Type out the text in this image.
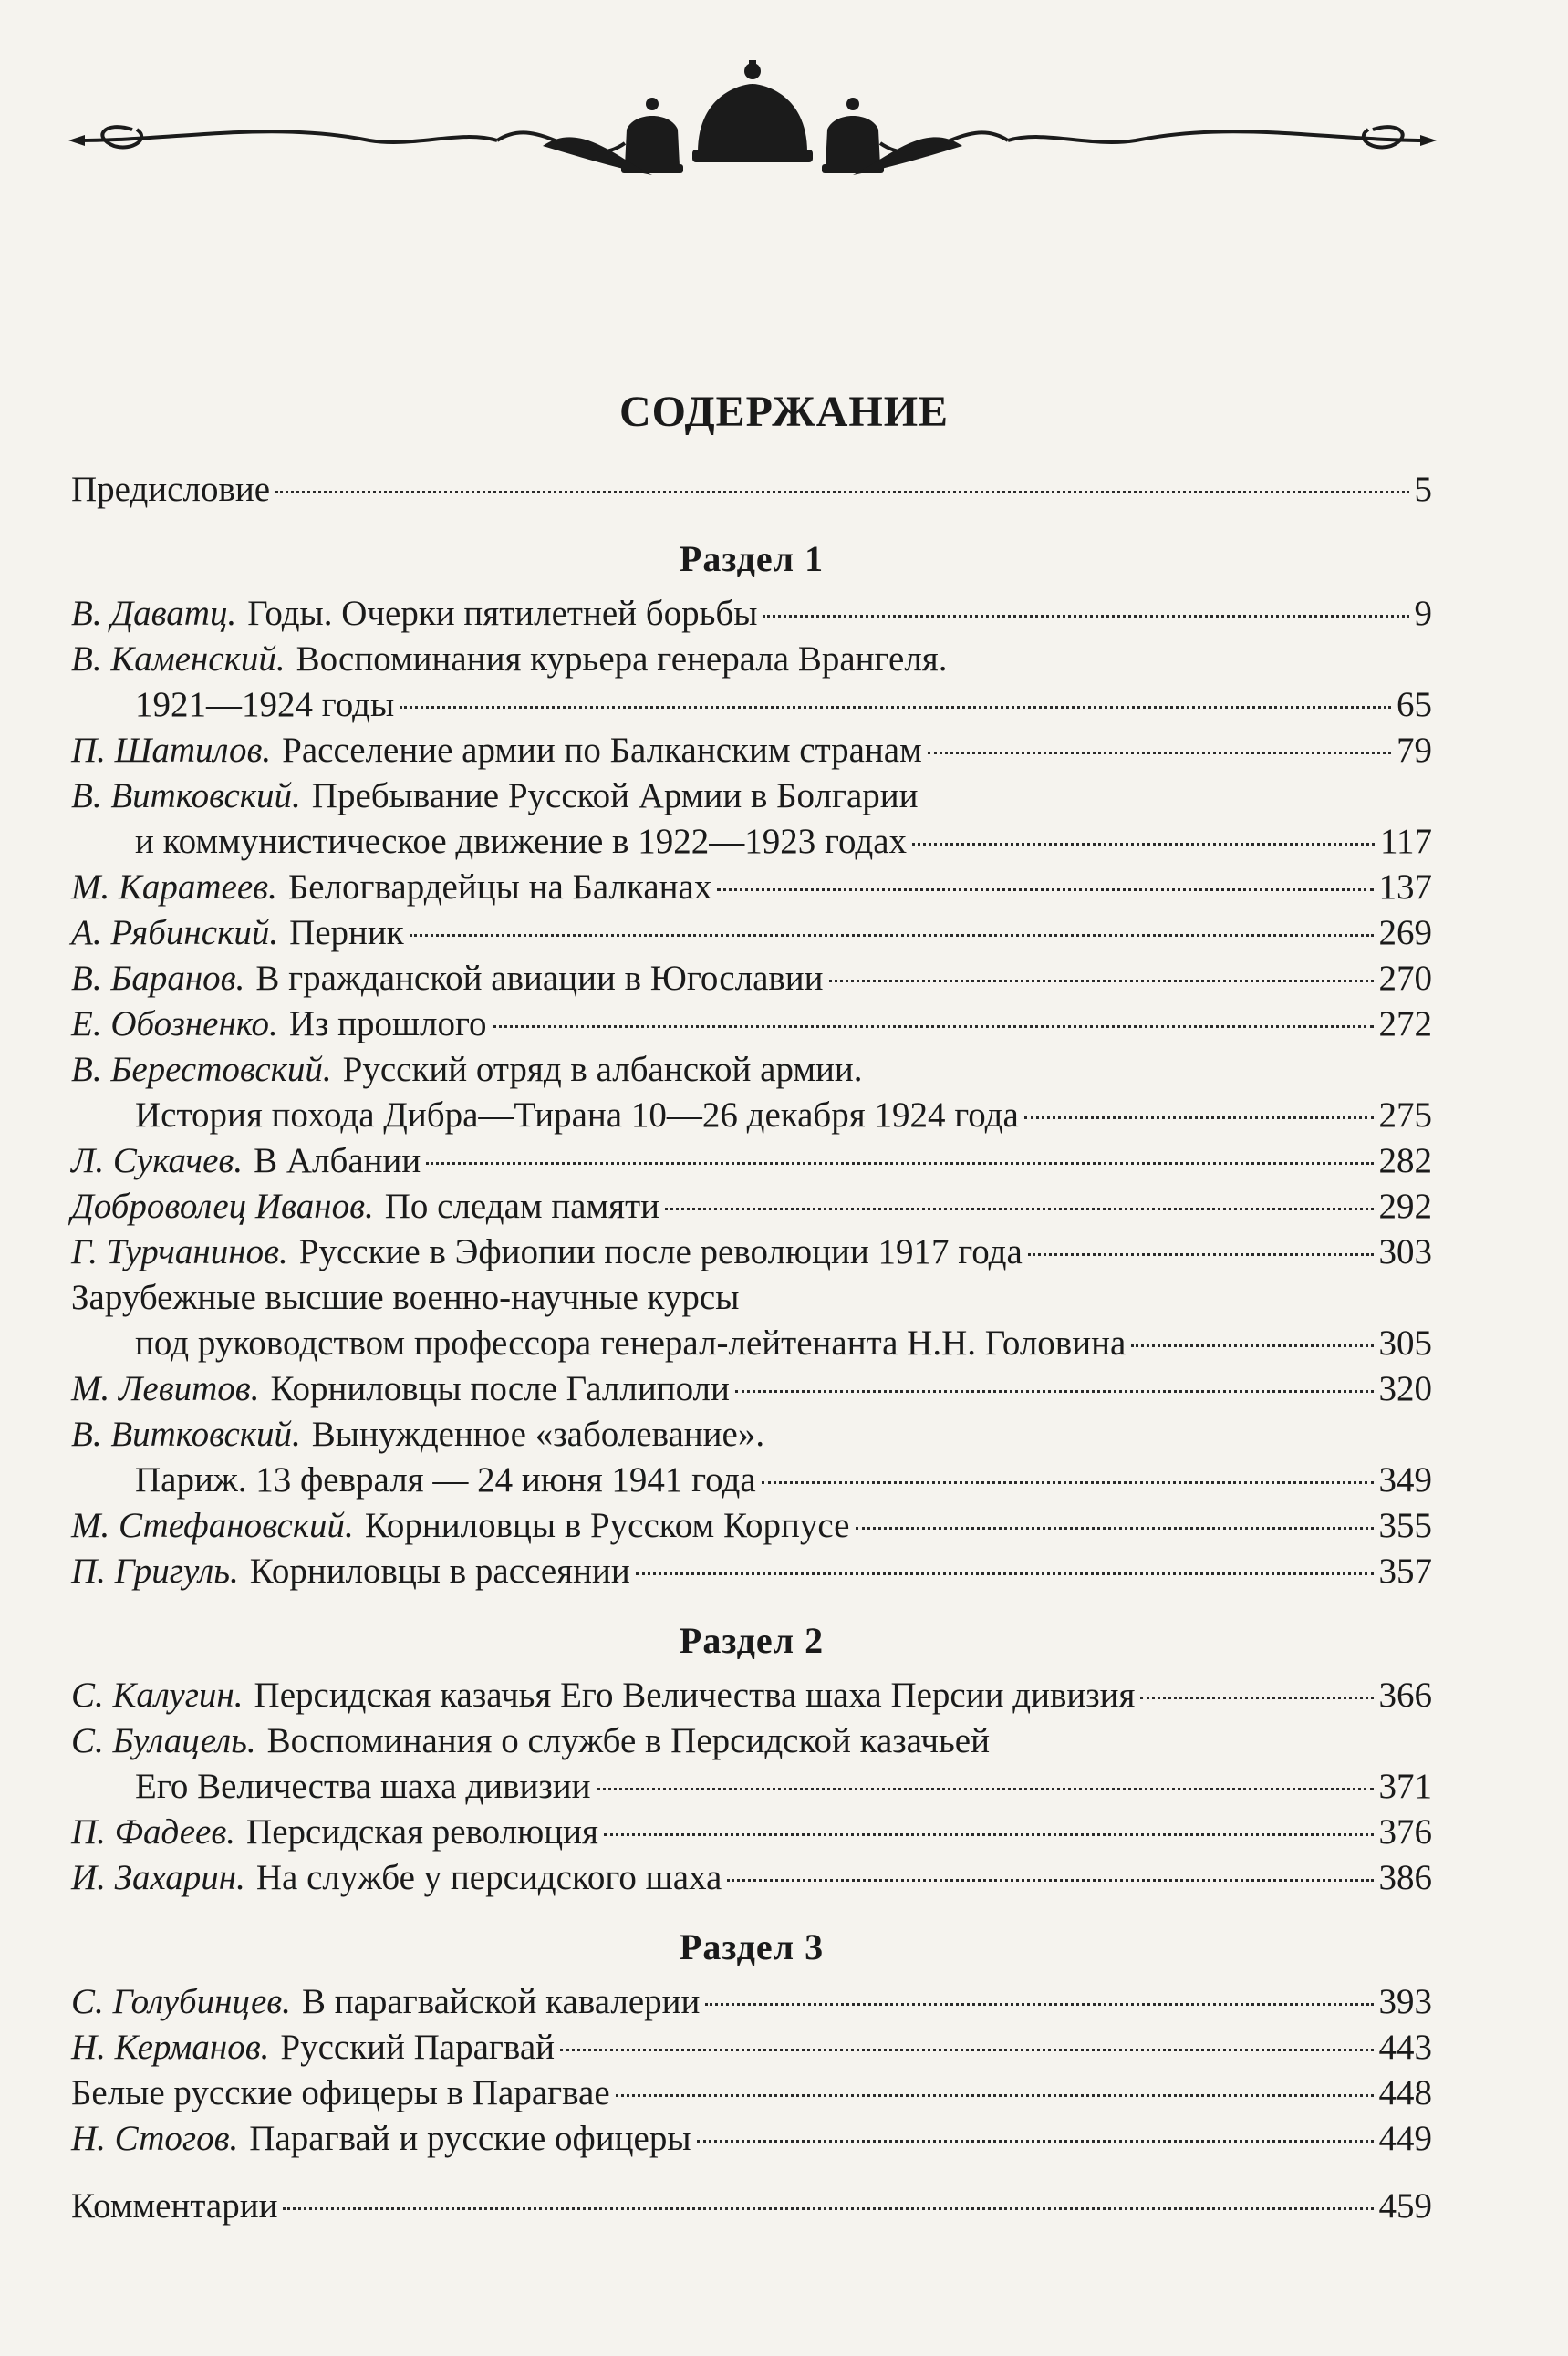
СОДЕРЖАНИЕ
Предисловие	5
Раздел 1
В. Даватц. Годы. Очерки пятилетней борьбы	9
В. Каменский. Воспоминания курьера генерала Врангеля.
1921—1924 годы	65
П. Шатилов. Расселение армии по Балканским странам	79
В. Витковский. Пребывание Русской Армии в Болгарии
и коммунистическое движение в 1922—1923 годах	117
М. Каратеев. Белогвардейцы на Балканах	137
А. Рябинский. Перник	269
В. Баранов. В гражданской авиации в Югославии	270
Е. Обозненко. Из прошлого	272
В. Берестовский. Русский отряд в албанской армии.
История похода Дибра—Тирана 10—26 декабря 1924 года	275
Л. Сукачев. В Албании	282
Доброволец Иванов. По следам памяти	292
Г. Турчанинов. Русские в Эфиопии после революции 1917 года	303
Зарубежные высшие военно-научные курсы
под руководством профессора генерал-лейтенанта Н.Н. Головина	305
М. Левитов. Корниловцы после Галлиполи	320
В. Витковский. Вынужденное «заболевание».
Париж. 13 февраля — 24 июня 1941 года	349
М. Стефановский. Корниловцы в Русском Корпусе	355
П. Григуль. Корниловцы в рассеянии	357
Раздел 2
С. Калугин. Персидская казачья Его Величества шаха Персии дивизия	366
С. Булацель. Воспоминания о службе в Персидской казачьей
Его Величества шаха дивизии	371
П. Фадеев. Персидская революция	376
И. Захарин. На службе у персидского шаха	386
Раздел 3
С. Голубинцев. В парагвайской кавалерии	393
Н. Керманов. Русский Парагвай	443
Белые русские офицеры в Парагвае	448
Н. Стогов. Парагвай и русские офицеры	449
Комментарии	459
